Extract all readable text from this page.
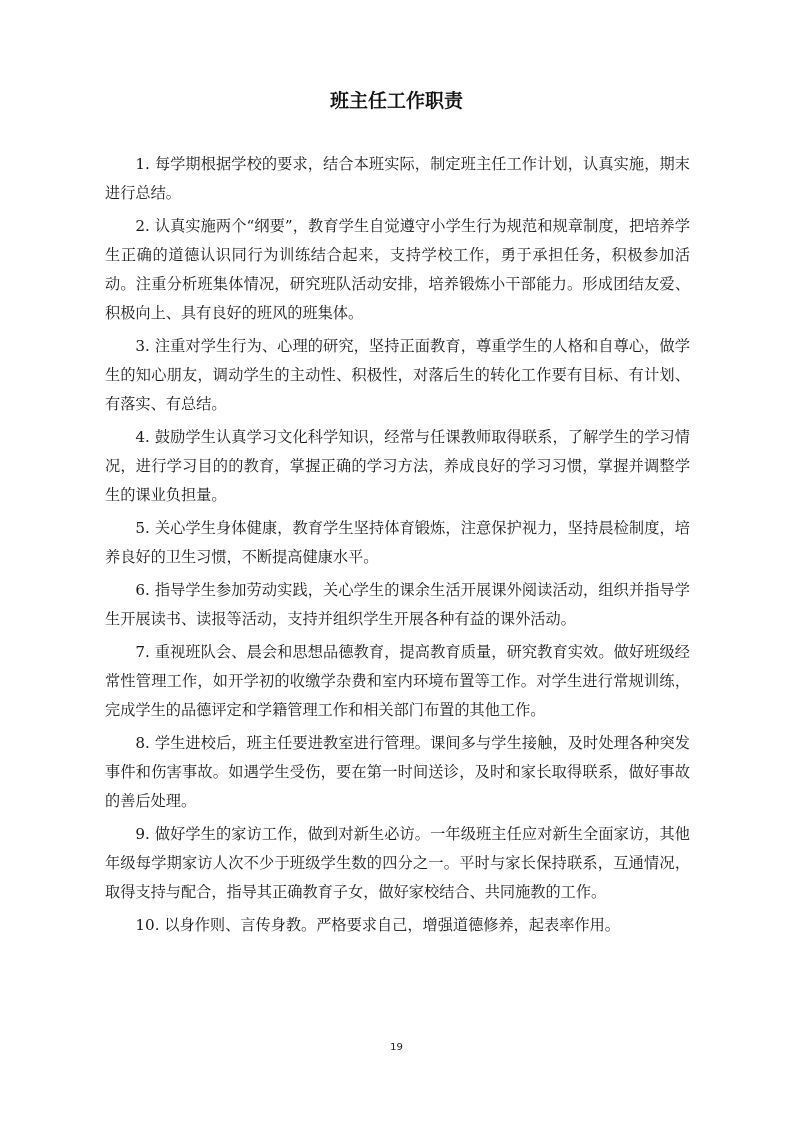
班主任工作职责

1. 每学期根据学校的要求，结合本班实际，制定班主任工作计划，认真实施，期末进行总结。

2. 认真实施两个“纲要”，教育学生自觉遵守小学生行为规范和规章制度，把培养学生正确的道德认识同行为训练结合起来，支持学校工作，勇于承担任务，积极参加活动。注重分析班集体情况，研究班队活动安排，培养锻炼小干部能力。形成团结友爱、积极向上、具有良好的班风的班集体。

3. 注重对学生行为、心理的研究，坚持正面教育，尊重学生的人格和自尊心，做学生的知心朋友，调动学生的主动性、积极性，对落后生的转化工作要有目标、有计划、有落实、有总结。

4. 鼓励学生认真学习文化科学知识，经常与任课教师取得联系，了解学生的学习情况，进行学习目的的教育，掌握正确的学习方法，养成良好的学习习惯，掌握并调整学生的课业负担量。

5. 关心学生身体健康，教育学生坚持体育锻炼，注意保护视力，坚持晨检制度，培养良好的卫生习惯，不断提高健康水平。

6. 指导学生参加劳动实践，关心学生的课余生活开展课外阅读活动，组织并指导学生开展读书、读报等活动，支持并组织学生开展各种有益的课外活动。

7. 重视班队会、晨会和思想品德教育，提高教育质量，研究教育实效。做好班级经常性管理工作，如开学初的收缴学杂费和室内环境布置等工作。对学生进行常规训练，完成学生的品德评定和学籍管理工作和相关部门布置的其他工作。

8. 学生进校后，班主任要进教室进行管理。课间多与学生接触，及时处理各种突发事件和伤害事故。如遇学生受伤，要在第一时间送诊，及时和家长取得联系，做好事故的善后处理。

9. 做好学生的家访工作，做到对新生必访。一年级班主任应对新生全面家访，其他年级每学期家访人次不少于班级学生数的四分之一。平时与家长保持联系，互通情况，取得支持与配合，指导其正确教育子女，做好家校结合、共同施教的工作。

10. 以身作则、言传身教。严格要求自己，增强道德修养，起表率作用。

19
